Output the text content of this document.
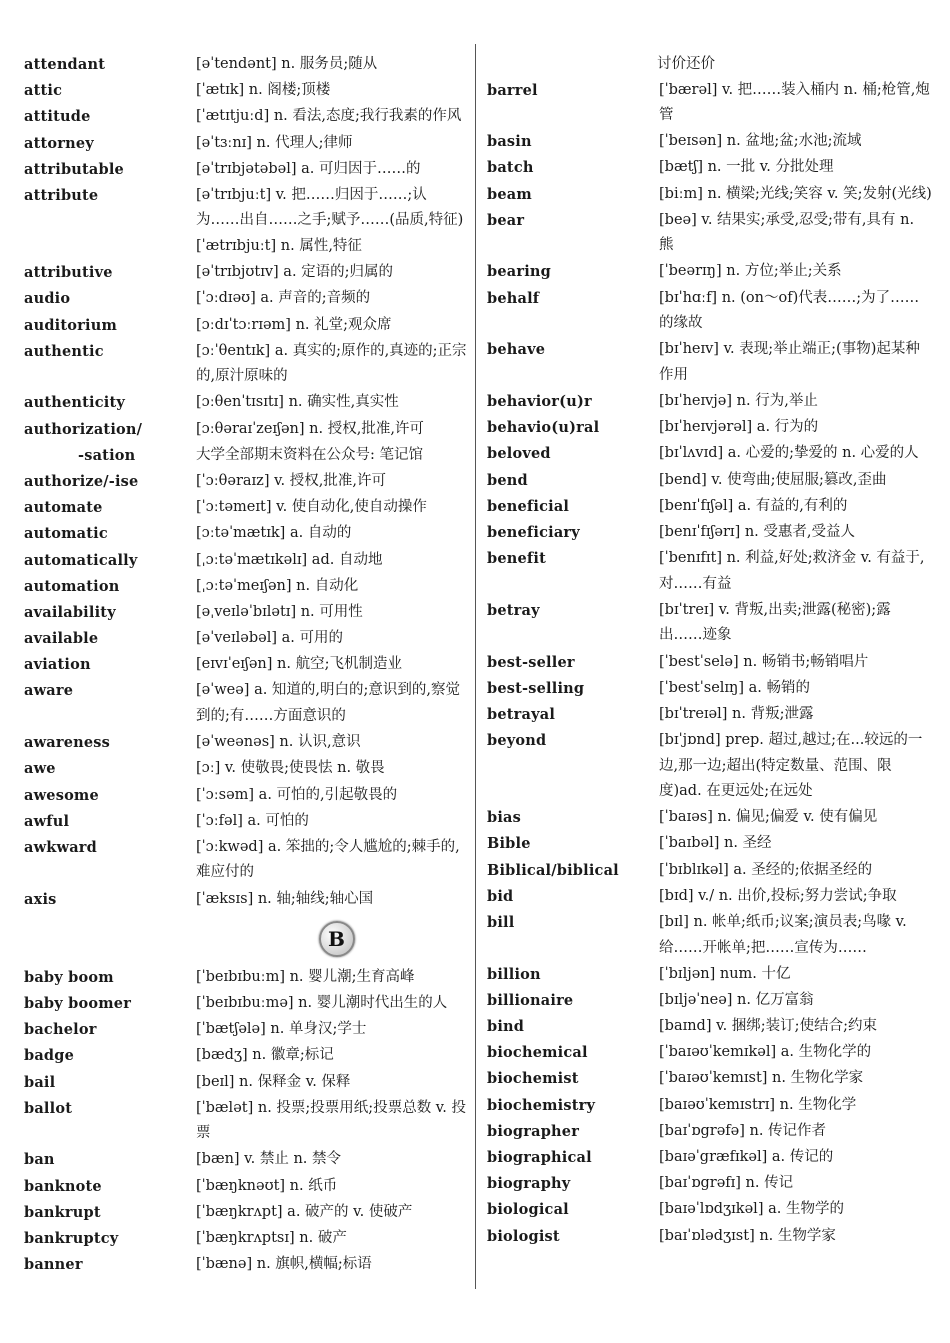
attendant	[əˈtendənt] n. 服务员;随从
attic	[ˈætɪk] n. 阁楼;顶楼
attitude	[ˈætɪtjuːd] n. 看法,态度;我行我素的作风
attorney	[əˈtɜːnɪ] n. 代理人;律师
attributable	[əˈtrɪbjətəbəl] a. 可归因于……的
attribute	[əˈtrɪbjuːt] v. 把……归因于……;认为……出自……之手;赋予……(品质,特征)
[ˈætrɪbjuːt] n. 属性,特征
attributive	[əˈtrɪbjʊtɪv] a. 定语的;归属的
audio	[ˈɔːdɪəʊ] a. 声音的;音频的
auditorium	[ɔːdɪˈtɔːrɪəm] n. 礼堂;观众席
authentic	[ɔːˈθentɪk] a. 真实的;原作的,真迹的;正宗的,原汁原味的
authenticity	[ɔːθenˈtɪsɪtɪ] n. 确实性,真实性
authorization/	[ɔːθəraɪˈzeɪʃən] n. 授权,批准,许可
-sation	大学全部期末资料在公众号: 笔记馆
authorize/-ise	[ˈɔːθəraɪz] v. 授权,批准,许可
automate	[ˈɔːtəmeɪt] v. 使自动化,使自动操作
automatic	[ɔːtəˈmætɪk] a. 自动的
automatically	[ˌɔːtəˈmætɪkəlɪ] ad. 自动地
automation	[ˌɔːtəˈmeɪʃən] n. 自动化
availability	[əˌveɪləˈbɪlətɪ] n. 可用性
available	[əˈveɪləbəl] a. 可用的
aviation	[eɪvɪˈeɪʃən] n. 航空;飞机制造业
aware	[əˈweə] a. 知道的,明白的;意识到的,察觉到的;有……方面意识的
awareness	[əˈweənəs] n. 认识,意识
awe	[ɔː] v. 使敬畏;使畏怯 n. 敬畏
awesome	[ˈɔːsəm] a. 可怕的,引起敬畏的
awful	[ˈɔːfəl] a. 可怕的
awkward	[ˈɔːkwəd] a. 笨拙的;令人尴尬的;棘手的,难应付的
axis	[ˈæksɪs] n. 轴;轴线;轴心国
B
baby boom	[ˈbeɪbɪbuːm] n. 婴儿潮;生育高峰
baby boomer	[ˈbeɪbɪbuːmə] n. 婴儿潮时代出生的人
bachelor	[ˈbætʃələ] n. 单身汉;学士
badge	[bædʒ] n. 徽章;标记
bail	[beɪl] n. 保释金 v. 保释
ballot	[ˈbælət] n. 投票;投票用纸;投票总数 v. 投票
ban	[bæn] v. 禁止 n. 禁令
banknote	[ˈbæŋknəʊt] n. 纸币
bankrupt	[ˈbæŋkrʌpt] a. 破产的 v. 使破产
bankruptcy	[ˈbæŋkrʌptsɪ] n. 破产
banner	[ˈbænə] n. 旗帜,横幅;标语
讨价还价
barrel	[ˈbærəl] v. 把……装入桶内 n. 桶;枪管,炮管
basin	[ˈbeɪsən] n. 盆地;盆;水池;流域
batch	[bætʃ] n. 一批 v. 分批处理
beam	[biːm] n. 横梁;光线;笑容 v. 笑;发射(光线)
bear	[beə] v. 结果实;承受,忍受;带有,具有 n. 熊
bearing	[ˈbeərɪŋ] n. 方位;举止;关系
behalf	[bɪˈhɑːf] n. (on～of)代表……;为了……的缘故
behave	[bɪˈheɪv] v. 表现;举止端正;(事物)起某种作用
behavior(u)r	[bɪˈheɪvjə] n. 行为,举止
behavio(u)ral	[bɪˈheɪvjərəl] a. 行为的
beloved	[bɪˈlʌvɪd] a. 心爱的;挚爱的 n. 心爱的人
bend	[bend] v. 使弯曲;使屈服;篡改,歪曲
beneficial	[benɪˈfɪʃəl] a. 有益的,有利的
beneficiary	[benɪˈfɪʃərɪ] n. 受惠者,受益人
benefit	[ˈbenɪfɪt] n. 利益,好处;救济金 v. 有益于,对……有益
betray	[bɪˈtreɪ] v. 背叛,出卖;泄露(秘密);露出……迹象
best-seller	[ˈbestˈselə] n. 畅销书;畅销唱片
best-selling	[ˈbestˈselɪŋ] a. 畅销的
betrayal	[bɪˈtreɪəl] n. 背叛;泄露
beyond	[bɪˈjɒnd] prep. 超过,越过;在...较远的一边,那一边;超出(特定数量、范围、限度)ad. 在更远处;在远处
bias	[ˈbaɪəs] n. 偏见;偏爱 v. 使有偏见
Bible	[ˈbaɪbəl] n. 圣经
Biblical/biblical	[ˈbɪblɪkəl] a. 圣经的;依据圣经的
bid	[bɪd] v./ n. 出价,投标;努力尝试;争取
bill	[bɪl] n. 帐单;纸币;议案;演员表;鸟喙 v. 给……开帐单;把……宣传为……
billion	[ˈbɪljən] num. 十亿
billionaire	[bɪljəˈneə] n. 亿万富翁
bind	[baɪnd] v. 捆绑;装订;使结合;约束
biochemical	[ˈbaɪəʊˈkemɪkəl] a. 生物化学的
biochemist	[ˈbaɪəʊˈkemɪst] n. 生物化学家
biochemistry	[baɪəʊˈkemɪstrɪ] n. 生物化学
biographer	[baɪˈɒgrəfə] n. 传记作者
biographical	[baɪəˈgræfɪkəl] a. 传记的
biography	[baɪˈɒgrəfɪ] n. 传记
biological	[baɪəˈlɒdʒɪkəl] a. 生物学的
biologist	[baɪˈɒlədʒɪst] n. 生物学家
